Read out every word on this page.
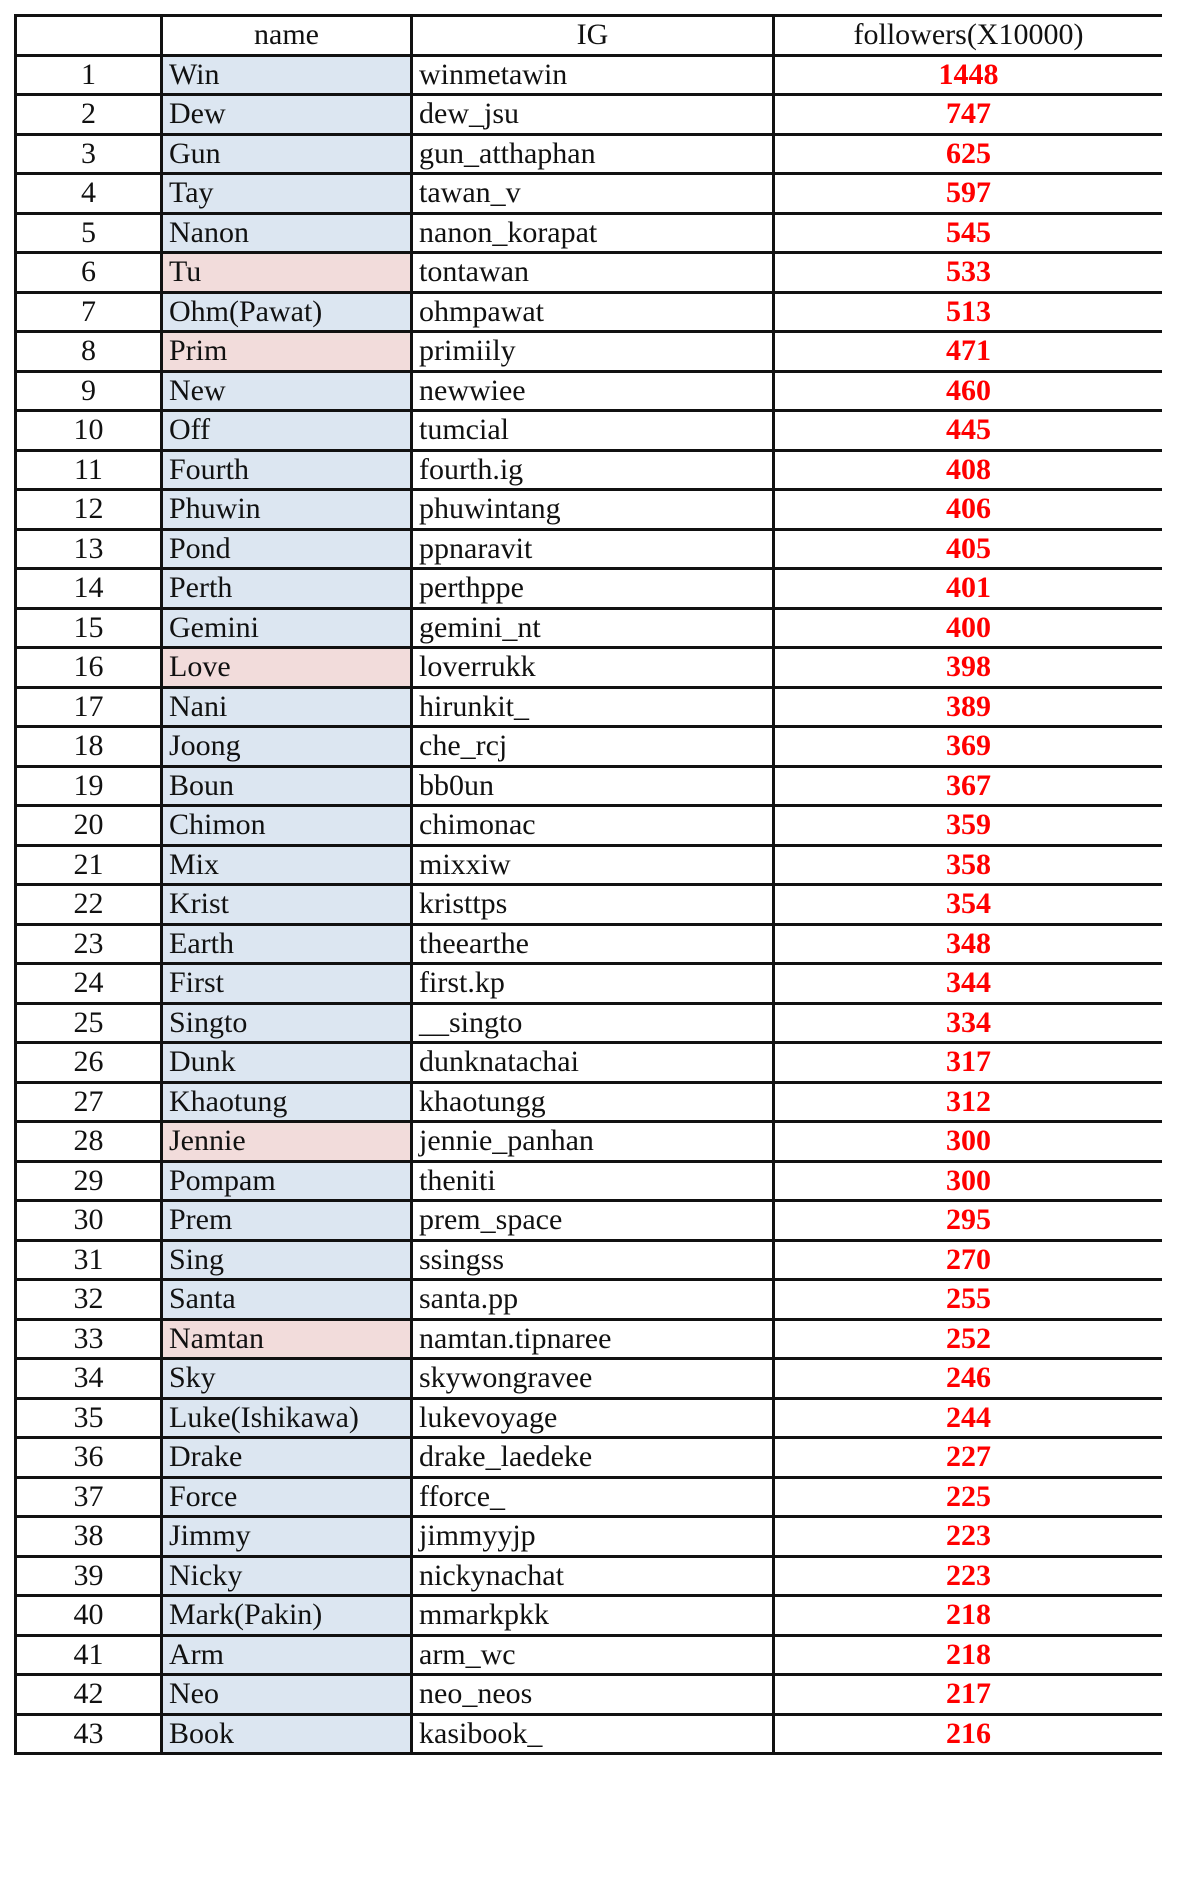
	name	IG	followers(X10000)
1	Win	winmetawin	1448
2	Dew	dew_jsu	747
3	Gun	gun_atthaphan	625
4	Tay	tawan_v	597
5	Nanon	nanon_korapat	545
6	Tu	tontawan	533
7	Ohm(Pawat)	ohmpawat	513
8	Prim	primiily	471
9	New	newwiee	460
10	Off	tumcial	445
11	Fourth	fourth.ig	408
12	Phuwin	phuwintang	406
13	Pond	ppnaravit	405
14	Perth	perthppe	401
15	Gemini	gemini_nt	400
16	Love	loverrukk	398
17	Nani	hirunkit_	389
18	Joong	che_rcj	369
19	Boun	bb0un	367
20	Chimon	chimonac	359
21	Mix	mixxiw	358
22	Krist	kristtps	354
23	Earth	theearthe	348
24	First	first.kp	344
25	Singto	__singto	334
26	Dunk	dunknatachai	317
27	Khaotung	khaotungg	312
28	Jennie	jennie_panhan	300
29	Pompam	theniti	300
30	Prem	prem_space	295
31	Sing	ssingss	270
32	Santa	santa.pp	255
33	Namtan	namtan.tipnaree	252
34	Sky	skywongravee	246
35	Luke(Ishikawa)	lukevoyage	244
36	Drake	drake_laedeke	227
37	Force	fforce_	225
38	Jimmy	jimmyyjp	223
39	Nicky	nickynachat	223
40	Mark(Pakin)	mmarkpkk	218
41	Arm	arm_wc	218
42	Neo	neo_neos	217
43	Book	kasibook_	216
